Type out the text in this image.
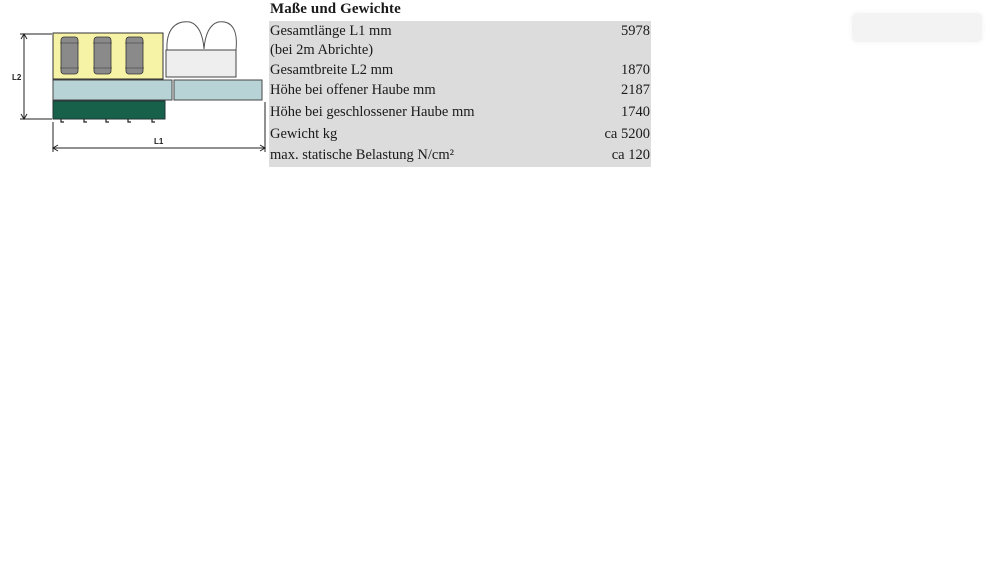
L2
L1
Maße und Gewichte
Gesamtlänge L1 mm	5978
(bei 2m Abrichte)
Gesamtbreite L2 mm	1870
Höhe bei offener Haube mm	2187
Höhe bei geschlossener Haube mm	1740
Gewicht kg	ca 5200
max. statische Belastung N/cm²	ca 120
